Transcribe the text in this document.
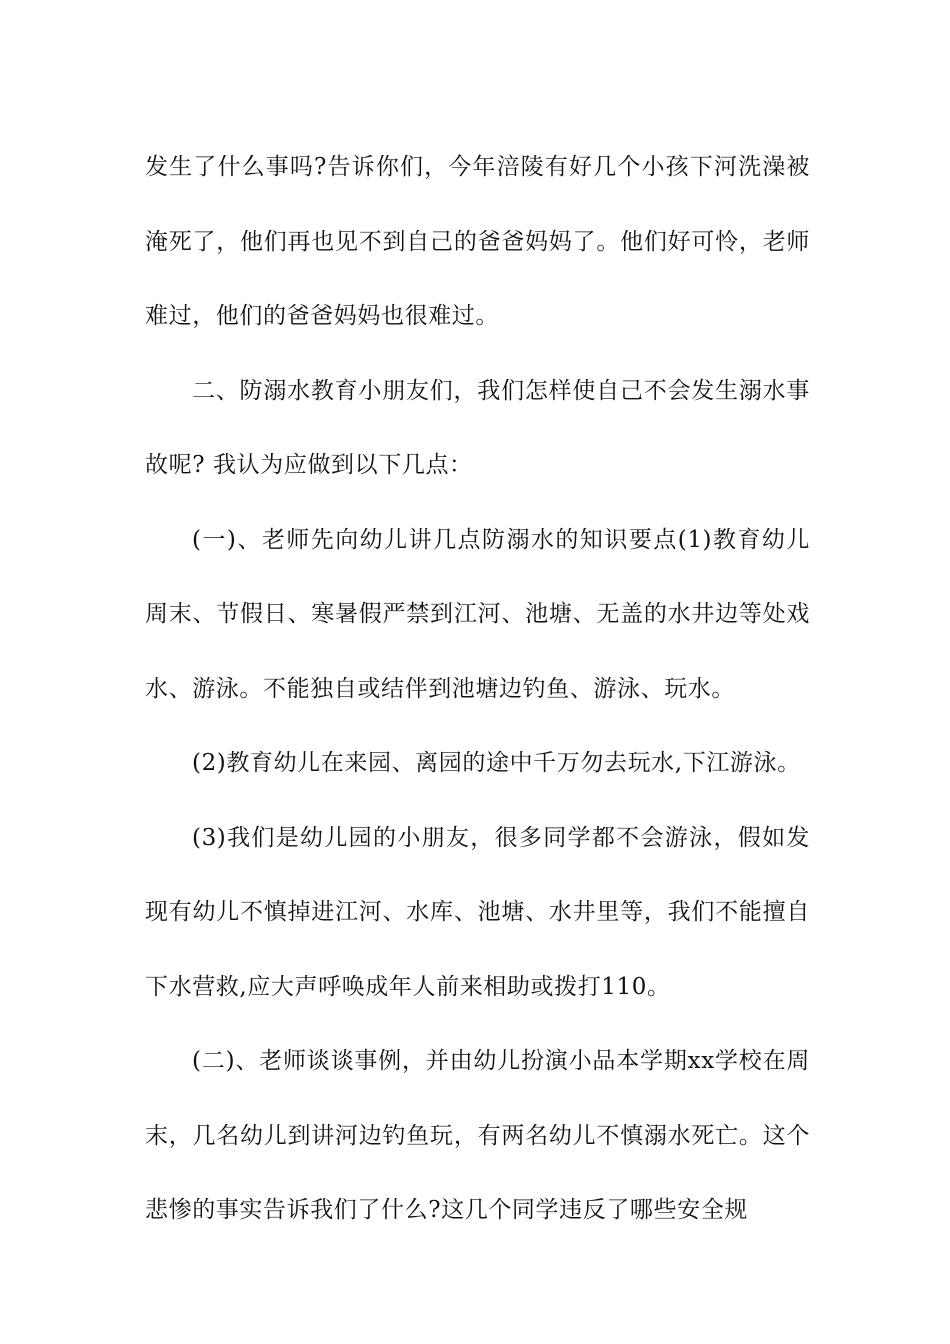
发生了什么事吗?告诉你们，今年涪陵有好几个小孩下河洗澡被淹死了，他们再也见不到自己的爸爸妈妈了。他们好可怜，老师难过，他们的爸爸妈妈也很难过。

二、防溺水教育小朋友们，我们怎样使自己不会发生溺水事故呢? 我认为应做到以下几点：

(一)、老师先向幼儿讲几点防溺水的知识要点(1)教育幼儿周末、节假日、寒暑假严禁到江河、池塘、无盖的水井边等处戏水、游泳。不能独自或结伴到池塘边钓鱼、游泳、玩水。

(2)教育幼儿在来园、离园的途中千万勿去玩水,下江游泳。

(3)我们是幼儿园的小朋友，很多同学都不会游泳，假如发现有幼儿不慎掉进江河、水库、池塘、水井里等，我们不能擅自下水营救,应大声呼唤成年人前来相助或拨打110。

(二)、老师谈谈事例，并由幼儿扮演小品本学期xx学校在周末，几名幼儿到讲河边钓鱼玩，有两名幼儿不慎溺水死亡。这个悲惨的事实告诉我们了什么?这几个同学违反了哪些安全规
